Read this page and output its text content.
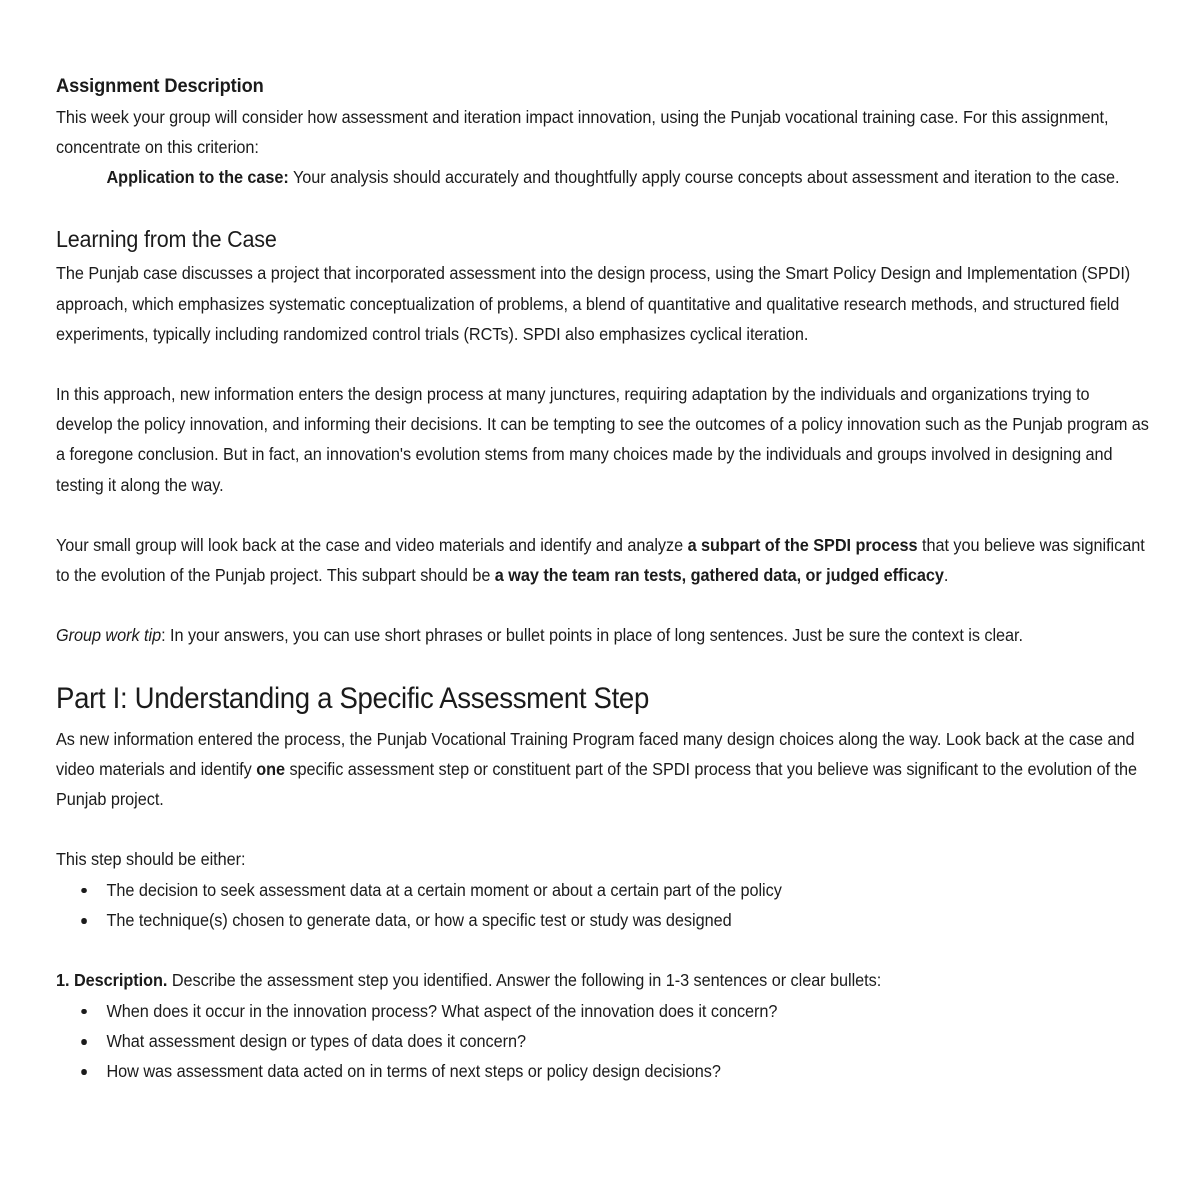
Assignment Description

This week your group will consider how assessment and iteration impact innovation, using the Punjab vocational training case. For this assignment, concentrate on this criterion:

Application to the case: Your analysis should accurately and thoughtfully apply course concepts about assessment and iteration to the case.

Learning from the Case

The Punjab case discusses a project that incorporated assessment into the design process, using the Smart Policy Design and Implementation (SPDI) approach, which emphasizes systematic conceptualization of problems, a blend of quantitative and qualitative research methods, and structured field experiments, typically including randomized control trials (RCTs). SPDI also emphasizes cyclical iteration.

In this approach, new information enters the design process at many junctures, requiring adaptation by the individuals and organizations trying to develop the policy innovation, and informing their decisions. It can be tempting to see the outcomes of a policy innovation such as the Punjab program as a foregone conclusion. But in fact, an innovation's evolution stems from many choices made by the individuals and groups involved in designing and testing it along the way.

Your small group will look back at the case and video materials and identify and analyze a subpart of the SPDI process that you believe was significant to the evolution of the Punjab project. This subpart should be a way the team ran tests, gathered data, or judged efficacy.

Group work tip: In your answers, you can use short phrases or bullet points in place of long sentences. Just be sure the context is clear.

Part I: Understanding a Specific Assessment Step

As new information entered the process, the Punjab Vocational Training Program faced many design choices along the way. Look back at the case and video materials and identify one specific assessment step or constituent part of the SPDI process that you believe was significant to the evolution of the Punjab project.

This step should be either:

The decision to seek assessment data at a certain moment or about a certain part of the policy
The technique(s) chosen to generate data, or how a specific test or study was designed

1. Description. Describe the assessment step you identified. Answer the following in 1-3 sentences or clear bullets:

When does it occur in the innovation process? What aspect of the innovation does it concern?
What assessment design or types of data does it concern?
How was assessment data acted on in terms of next steps or policy design decisions?
